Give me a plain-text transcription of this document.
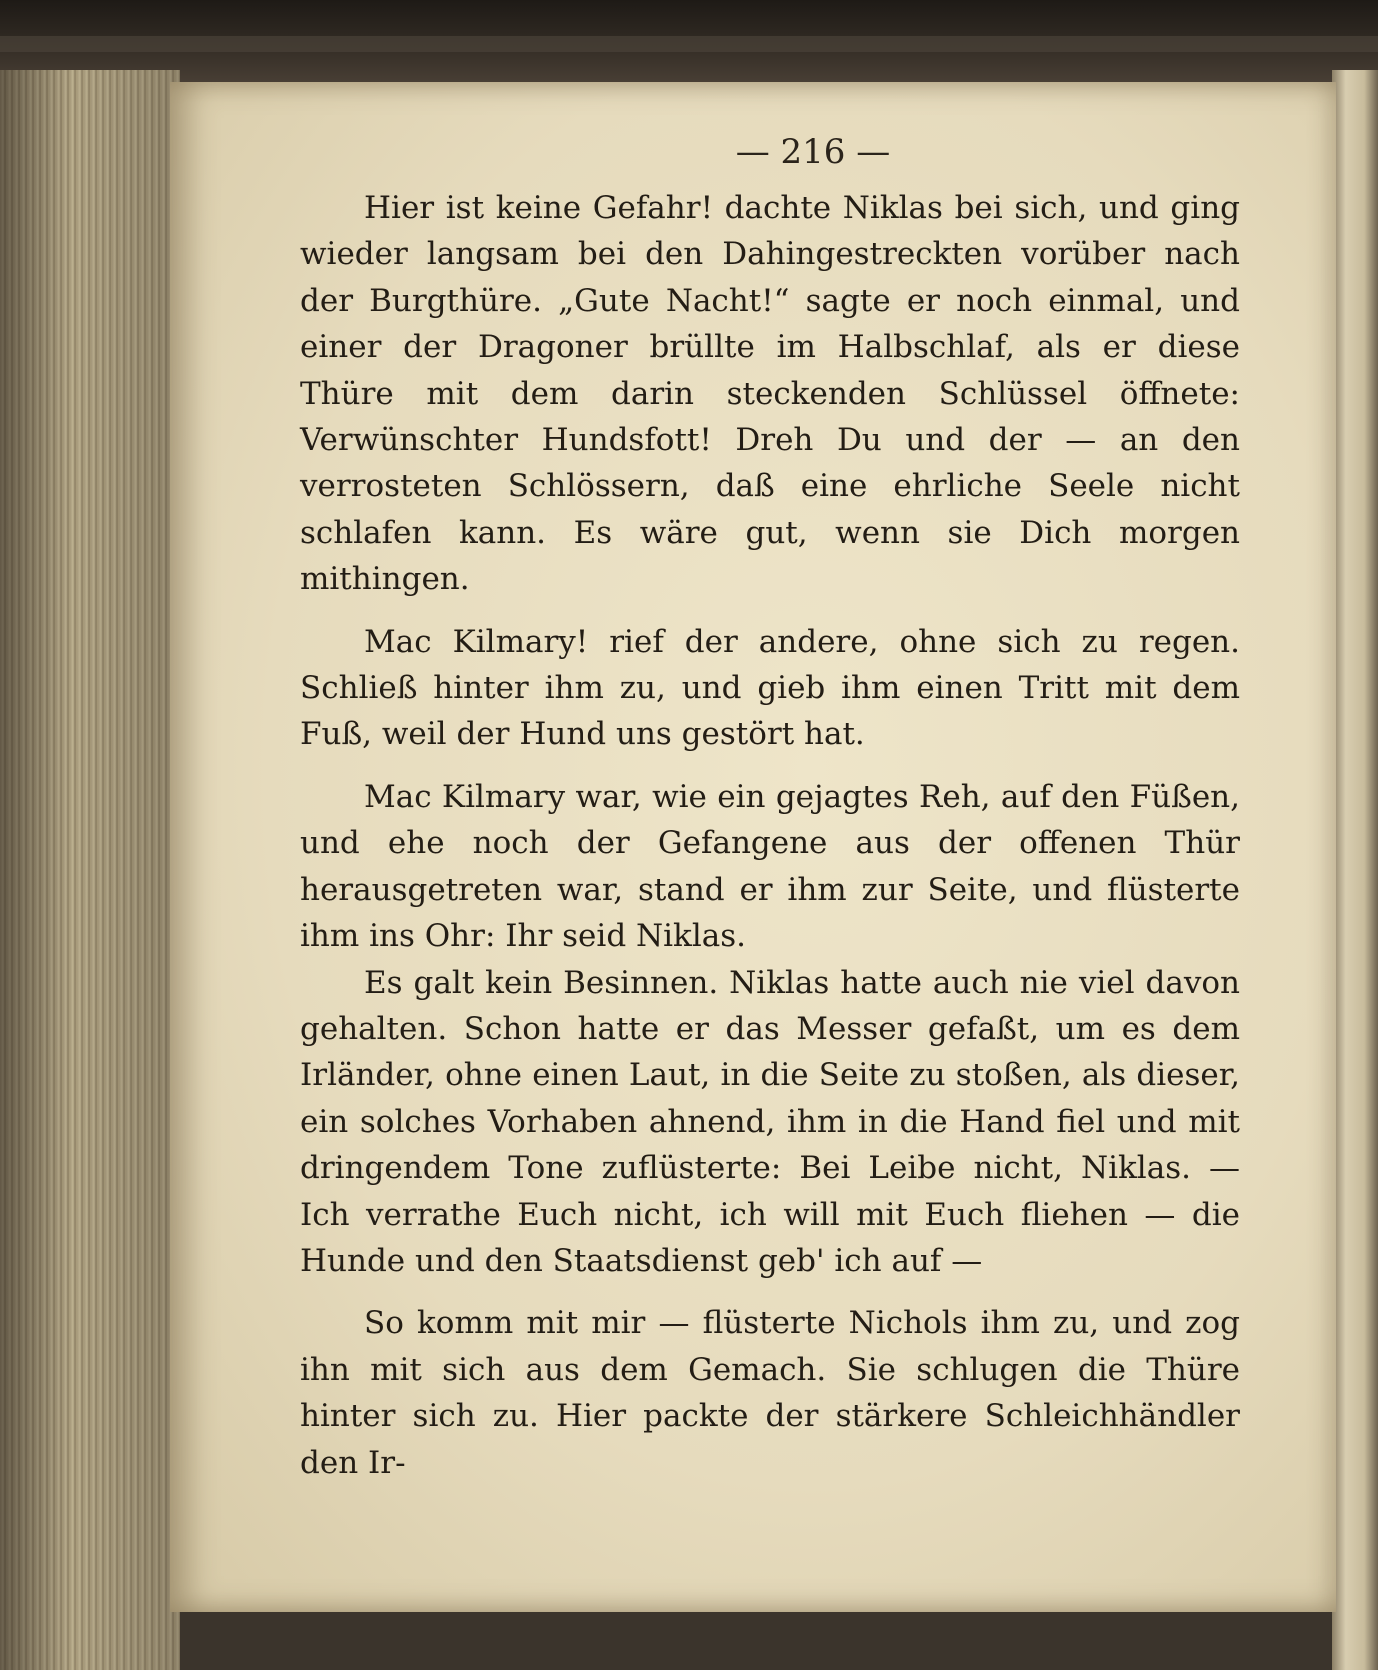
— 216 —

Hier ist keine Gefahr! dachte Niklas bei sich, und ging wieder langsam bei den Dahingestreckten vorüber nach der Burgthüre. „Gute Nacht!“ sagte er noch einmal, und einer der Dragoner brüllte im Halbschlaf, als er diese Thüre mit dem darin steckenden Schlüssel öffnete: Verwünschter Hundsfott! Dreh Du und der — an den verrosteten Schlössern, daß eine ehrliche Seele nicht schlafen kann. Es wäre gut, wenn sie Dich morgen mithingen.

Mac Kilmary! rief der andere, ohne sich zu regen. Schließ hinter ihm zu, und gieb ihm einen Tritt mit dem Fuß, weil der Hund uns gestört hat.

Mac Kilmary war, wie ein gejagtes Reh, auf den Füßen, und ehe noch der Gefangene aus der offenen Thür herausgetreten war, stand er ihm zur Seite, und flüsterte ihm ins Ohr: Ihr seid Niklas.

Es galt kein Besinnen. Niklas hatte auch nie viel davon gehalten. Schon hatte er das Messer gefaßt, um es dem Irländer, ohne einen Laut, in die Seite zu stoßen, als dieser, ein solches Vorhaben ahnend, ihm in die Hand fiel und mit dringendem Tone zuflüsterte: Bei Leibe nicht, Niklas. — Ich verrathe Euch nicht, ich will mit Euch fliehen — die Hunde und den Staatsdienst geb' ich auf —

So komm mit mir — flüsterte Nichols ihm zu, und zog ihn mit sich aus dem Gemach. Sie schlugen die Thüre hinter sich zu. Hier packte der stärkere Schleichhändler den Ir-
